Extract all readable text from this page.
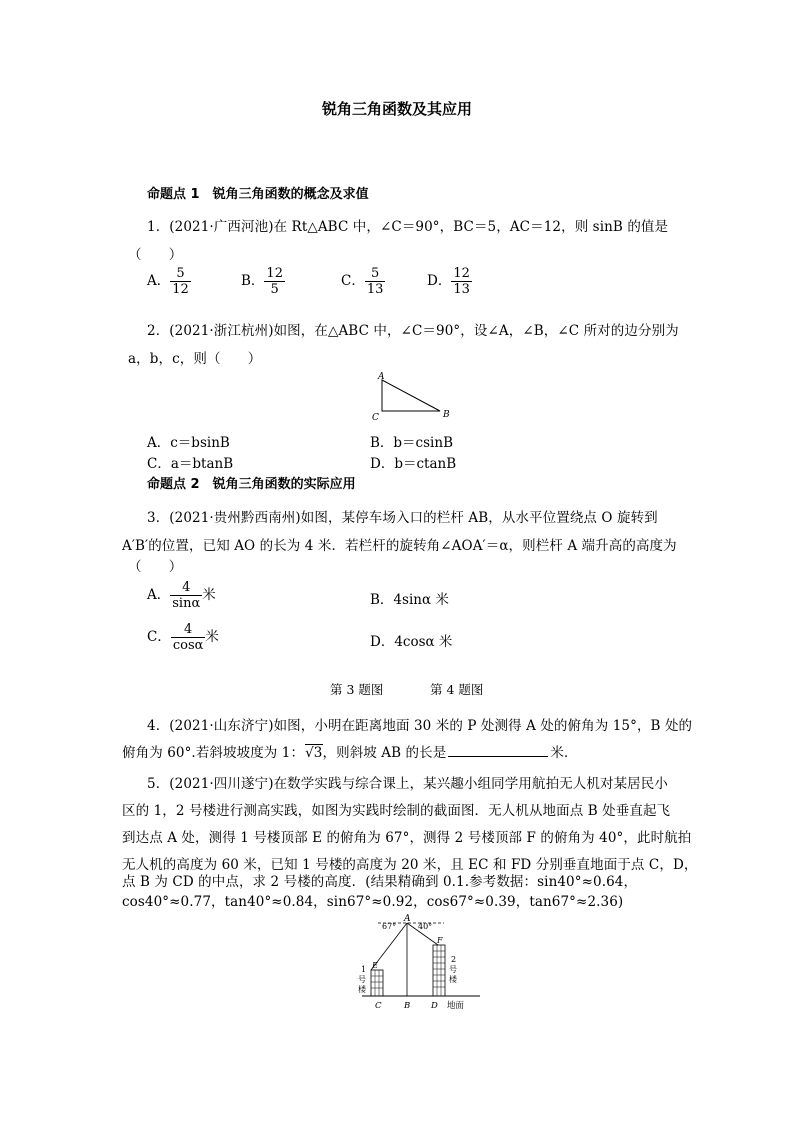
锐角三角函数及其应用
命题点 1　锐角三角函数的概念及求值
1．(2021·广西河池)在 Rt△ABC 中，∠C＝90°，BC＝5，AC＝12，则 sinB 的值是
（　　）
A． $\frac{5}{12}$	B． $\frac{12}{5}$	C． $\frac{5}{13}$	D． $\frac{12}{13}$
2．(2021·浙江杭州)如图，在△ABC 中，∠C＝90°，设∠A，∠B，∠C 所对的边分别为
a，b，c，则（　　）
A
C	B
A．c＝bsinB	B．b＝csinB
C．a＝btanB	D．b＝ctanB
命题点 2　锐角三角函数的实际应用
3．(2021·贵州黔西南州)如图，某停车场入口的栏杆 AB，从水平位置绕点 O 旋转到
A′B′的位置，已知 AO 的长为 4 米．若栏杆的旋转角∠AOA′＝α，则栏杆 A 端升高的高度为
（　　）
A． $\frac{4}{\sin\alpha}$ 米	B．4sinα 米
C． $\frac{4}{\cos\alpha}$ 米	D．4cosα 米
第 3 题图	第 4 题图
4．(2021·山东济宁)如图，小明在距离地面 30 米的 P 处测得 A 处的俯角为 15°，B 处的
俯角为 60°.若斜坡坡度为 1：√3，则斜坡 AB 的长是	米．
5．(2021·四川遂宁)在数学实践与综合课上，某兴趣小组同学用航拍无人机对某居民小
区的 1，2 号楼进行测高实践，如图为实践时绘制的截面图．无人机从地面点 B 处垂直起飞
到达点 A 处，测得 1 号楼顶部 E 的俯角为 67°，测得 2 号楼顶部 F 的俯角为 40°，此时航拍
无人机的高度为 60 米，已知 1 号楼的高度为 20 米，且 EC 和 FD 分别垂直地面于点 C，D，
点 B 为 CD 的中点，求 2 号楼的高度．(结果精确到 0.1.参考数据：sin40°≈0.64，
cos40°≈0.77，tan40°≈0.84，sin67°≈0.92，cos67°≈0.39，tan67°≈2.36)
A
67°	40°
E
F
1
号
楼
2
号
楼
C	B D 地面
